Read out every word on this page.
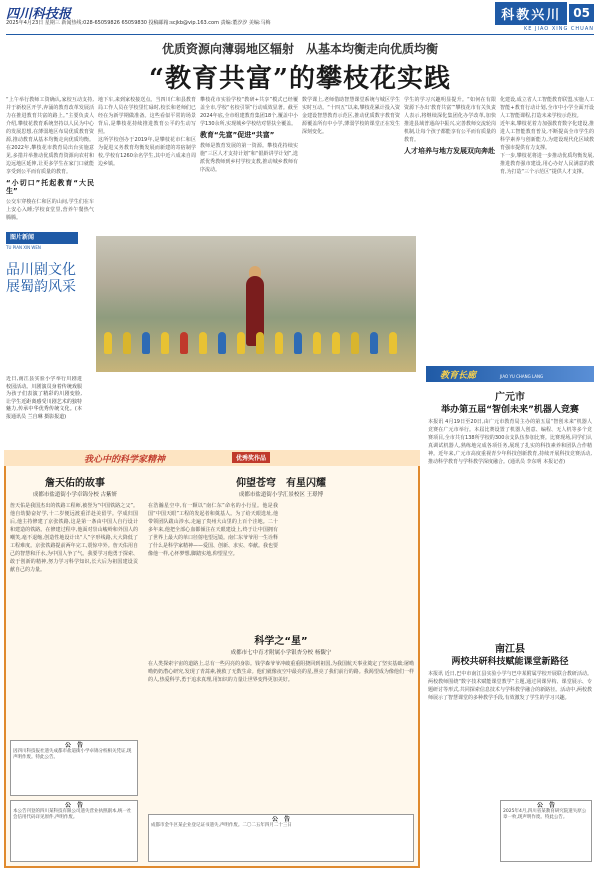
四川科技报
2025年4月23日 星期三 新闻热线:028-65059826 65059830 投稿邮箱:scjkb@vip.163.com 责编:董汐汐 美编:马梅
科教兴川	05
KE JIAO XING CHUAN
优质资源向薄弱地区辐射　从基本均衡走向优质均衡
“教育共富”的攀枝花实践

“上午举行教师工资确认,家校互动支持,并于新校区开学,奔涌的教育改革发展活力在推进教育共富的路上。”主要负责人介绍,攀枝花教育系统坚持以人民为中心的发展思想,在薄弱地区布局优质教育资源,推动教育从基本均衡走向优质均衡。在2022年,攀枝花市教育局出台实施意见,多措并举推动优质教育资源向农村和边远地区延伸,让更多学生在家门口就能享受到公平而有质量的教育。

“小切口”托起教育“大民生”

公交车穿梭在仁和区的山间,学生们在车上安心入睡;学校食堂里,营养午餐热气腾腾。

地下车,来到家校接送点。当四川仁和县教育局工作人员在学校里忙碌时,校长和老师们已经在为新学期做准备。这些看似平常的场景背后,是攀枝花持续推进教育公平的生动写照。

这所学校创办于2019年,是攀枝花市仁和区为促进义务教育均衡发展而新建的寄宿制学校,学校有1260余名学生,其中近六成来自周边乡镇。

攀枝花市实验学校“教研+共享”模式已经覆盖全市,学校“名校引领”行动成效显著。截至2024年底,全市组建教育集团18个,覆盖中小学130余所,实现城乡学校结对帮扶全覆盖。

教育“先富”促进“共富”

教师是教育发展的第一资源。攀枝花持续实施“三区人才支持计划”和“银龄讲学计划”,选派优秀教师到乡村学校支教,推动城乡教师有序流动。

数学课上,老师借助智慧课堂系统与城区学生实时互动。“十四五”以来,攀枝花累计投入资金建设智慧教育示范区,推动优质数字教育资源覆盖所有中小学,薄弱学校的课堂正在发生深刻变化。

学生的学习兴趣明显提升。“如何在有限资源下办出‘教育共富’”攀枝花市有关负责人表示,将继续深化集团化办学改革,加快推进县域普通高中振兴,完善教师交流轮岗机制,让每个孩子都能享有公平而有质量的教育。

人才培养与地方发展双向奔赴

化建设,成立省人工智能教育联盟,实施人工智能+教育行动计划,全市中小学全面开设人工智能课程,打造未来学校示范校。

近年来,攀枝花着力加强教育数字化建设,推进人工智能教育普及,不断提高全市学生的科学素养与创新能力,为建设现代化区域教育强市提供有力支撑。

下一步,攀枝花将进一步推动优质均衡发展,推进教育强市建设,用心办好人民满意的教育,为打造“三个示范区”提供人才支撑。

图片新闻
TU PIAN XIN WEN
品川剧文化展蜀韵风采
近日,南江县实验小学举行川剧进校园活动。川剧演员身着传统戏服为孩子们表演了精彩的川剧变脸,让学生近距离感受川剧艺术的独特魅力,传承中华优秀传统文化。(本报通讯员 兰自琳 摄影报道)
我心中的科学家精神	优秀奖作品
詹天佑的故事
成都市盐道街小学卓锦分校 古紫妍
詹天佑是我国杰出的铁路工程师,被誉为“中国铁路之父”。他自幼勤奋好学,十二岁便远渡重洋赴美留学。学成归国后,他主持修建了京张铁路,这是第一条由中国人自行设计和建造的铁路。在修建过程中,他面对崇山峻岭和外国人的嘲笑,毫不退缩,创造性地设计出“人”字形线路,大大降低了工程难度。京张铁路提前两年完工,震惊中外。詹天佑用自己的智慧和汗水,为中国人争了气。我要学习他勇于探索、敢于创新的精神,努力学习科学知识,长大后为祖国建设贡献自己的力量。
仰望苍穹　有星闪耀
成都市盐道街小学汇景校区 王璟博
在浩瀚星空中,有一颗以“南仁东”命名的小行星。他是我国“中国天眼”工程的发起者和奠基人。为了给天眼选址,他带领团队跋山涉水,走遍了贵州大山里的上百个洼地。二十多年来,他把全部心血都倾注在天眼建设上,终于让中国拥有了世界上最大的单口径射电望远镜。南仁东爷爷用一生诠释了什么是科学家精神——爱国、创新、求实、奉献。我也要像他一样,心怀梦想,脚踏实地,仰望星空。
科学之“星”
成都市七中育才附属小学银杏分校 杨馥宁
在人类探索宇宙的道路上,总有一些闪亮的身影。钱学森爷爷冲破重重阻挠回到祖国,为我国航天事业奠定了坚实基础;屠呦呦奶奶潜心研究,发现了青蒿素,挽救了无数生命。他们就像夜空中最亮的星,照亮了我们前行的路。我渴望成为像他们一样的人,热爱科学,勇于追求真理,用知识的力量让世界变得更加美好。
公　告
因四川科技报社遗失成都市盐道街小学卓锦分校相关凭证,现声明作废。特此公告。
公　告
本公告刊登的四川某科技有限公司遗失营业执照副本,统一社会信用代码详见原件,声明作废。	公　告
成都市金牛区某企业登记证书遗失,声明作废。二〇二五年四月二十三日
教育长廊	JIAO YU CHANG LANG
广元市
举办第五届“智创未来”机器人竞赛
本报讯 4月19日至20日,由广元市教育局主办的第五届“智创未来”机器人竞赛在广元市举行。本届比赛设置了机器人创意、编程、无人机等多个竞赛项目,全市共有138所学校的300余支队伍参加比赛。比赛现场,同学们认真调试机器人,熟练地完成各项任务,展现了扎实的科技素养和团队合作精神。近年来,广元市高度重视青少年科技创新教育,持续开展科技竞赛活动,推动科学教育与学科教学深度融合。(通讯员 李东明 本报记者)
南江县
两校共研科技赋能课堂新路径
本报讯 近日,巴中市南江县实验小学与巴中某附属学校开展联合教研活动。两校教师围绕“数字技术赋能课堂教学”主题,通过同课异构、课堂展示、专题研讨等形式,共同探索信息技术与学科教学融合的新路径。活动中,两校教师展示了智慧课堂的多种教学手段,有效激发了学生的学习兴趣。
公　告
2025年4月,四川省某教育研究院遗失原公章一枚,现声明作废。特此公告。
